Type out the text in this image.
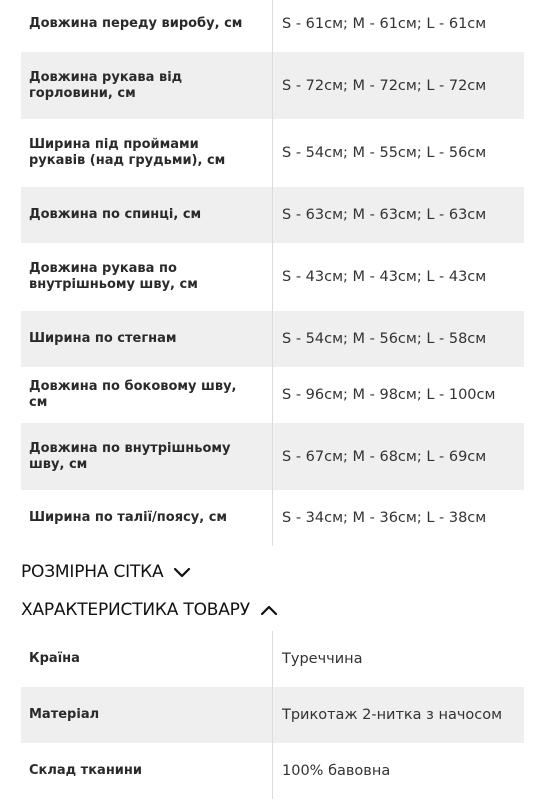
Довжина переду виробу, см	S - 61см; M - 61см; L - 61см
Довжина рукава від горловини, см	S - 72см; M - 72см; L - 72см
Ширина під проймами рукавів (над грудьми), см	S - 54см; M - 55см; L - 56см
Довжина по спинці, см	S - 63см; M - 63см; L - 63см
Довжина рукава по внутрішньому шву, см	S - 43см; M - 43см; L - 43см
Ширина по стегнам	S - 54см; M - 56см; L - 58см
Довжина по боковому шву, см	S - 96см; M - 98см; L - 100см
Довжина по внутрішньому шву, см	S - 67см; M - 68см; L - 69см
Ширина по талії/поясу, см	S - 34см; M - 36см; L - 38см
РОЗМІРНА СІТКА
ХАРАКТЕРИСТИКА ТОВАРУ
Країна	Туреччина
Матеріал	Трикотаж 2-нитка з начосом
Склад тканини	100% бавовна
